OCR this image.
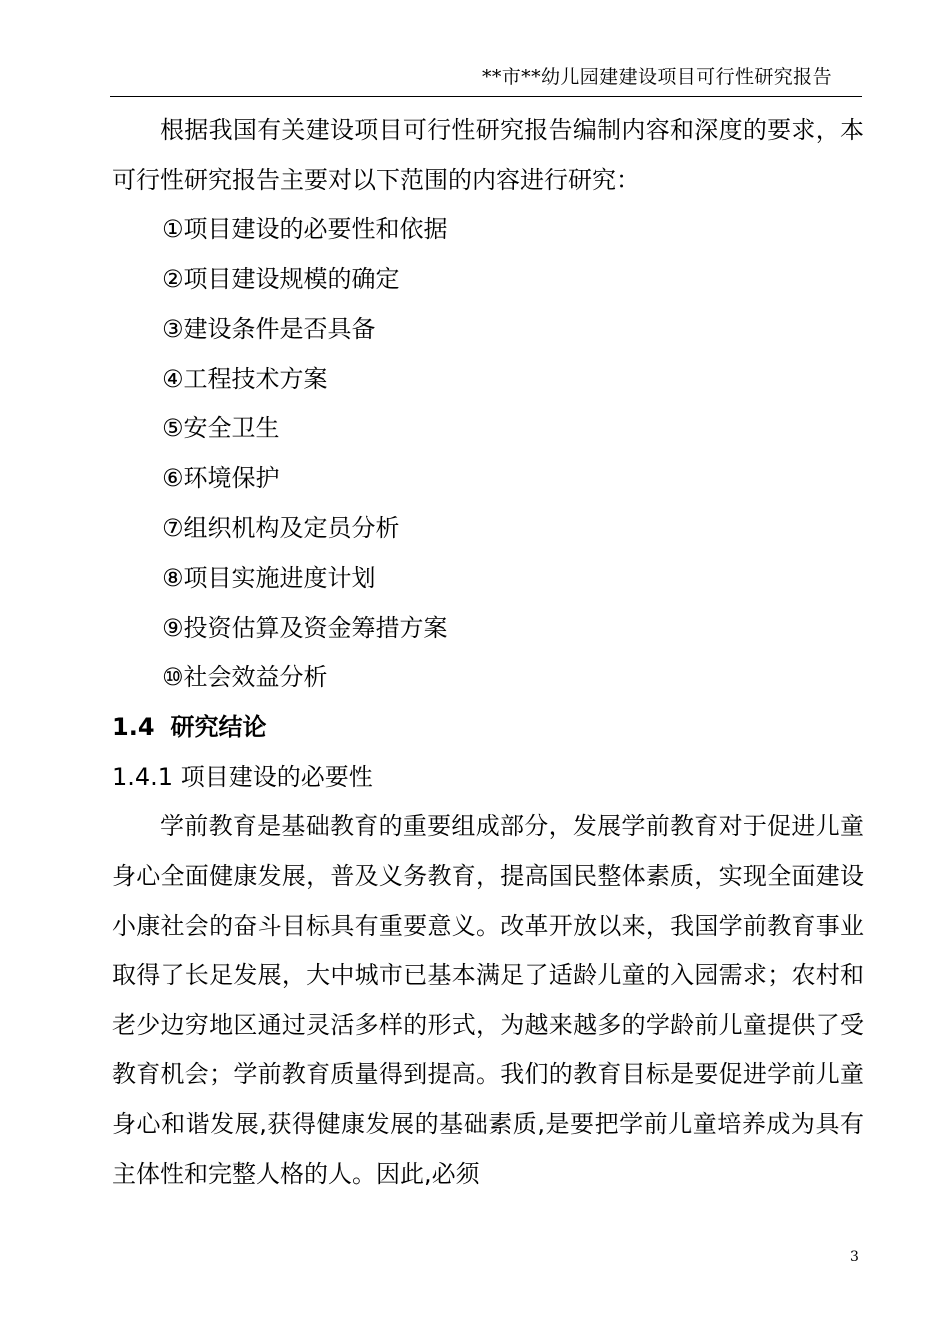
**市**幼儿园建建设项目可行性研究报告

根据我国有关建设项目可行性研究报告编制内容和深度的要求，本可行性研究报告主要对以下范围的内容进行研究：

①项目建设的必要性和依据
②项目建设规模的确定
③建设条件是否具备
④工程技术方案
⑤安全卫生
⑥环境保护
⑦组织机构及定员分析
⑧项目实施进度计划
⑨投资估算及资金筹措方案
⑩社会效益分析
1.4 研究结论
1.4.1 项目建设的必要性

学前教育是基础教育的重要组成部分，发展学前教育对于促进儿童身心全面健康发展，普及义务教育，提高国民整体素质，实现全面建设小康社会的奋斗目标具有重要意义。改革开放以来，我国学前教育事业取得了长足发展，大中城市已基本满足了适龄儿童的入园需求；农村和老少边穷地区通过灵活多样的形式，为越来越多的学龄前儿童提供了受教育机会；学前教育质量得到提高。我们的教育目标是要促进学前儿童身心和谐发展,获得健康发展的基础素质,是要把学前儿童培养成为具有主体性和完整人格的人。因此,必须

3
